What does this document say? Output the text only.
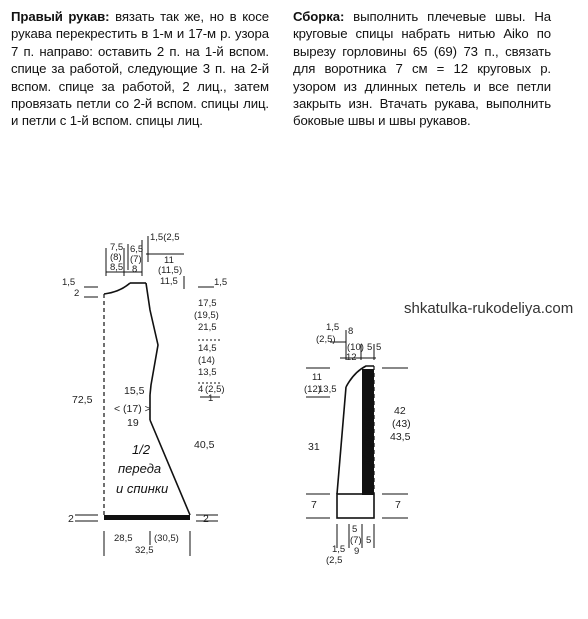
Правый рукав: вязать так же, но в косе рукава перекрестить в 1-м и 17-м р. узора 7 п. направо: оставить 2 п. на 1-й вспом. спице за работой, следующие 3 п. на 2-й вспом. спице за работой, 2 лиц., затем провязать петли со 2-й вспом. спицы лиц. и петли с 1-й вспом. спицы лиц.
Сборка: выполнить плечевые швы. На круговые спицы набрать нитью Aiko по вырезу горловины 65 (69) 73 п., связать для воротника 7 см = 12 круговых р. узором из длинных петель и все петли закрыть изн. Втачать рукава, выполнить боковые швы и швы рукавов.
shkatulka-rukodeliya.com
7,5
(8)
8,5
6,5
(7)
8
1,5(2,5
11
(11,5)
11,5
1,5
2
1,5
17,5
(19,5)
21,5
14,5
(14)
13,5
4 (2,5)
1
72,5
15,5
< (17) >
19
40,5
1/2
переда
и спинки
2	2
28,5 (30,5)
32,5
1,5
(2,5)
8
(10) 5
12
5
11
(12)
13,5
31
42
(43)
43,5
1/2 рукава
7	7
5
(7)
9
5
1,5
(2,5
